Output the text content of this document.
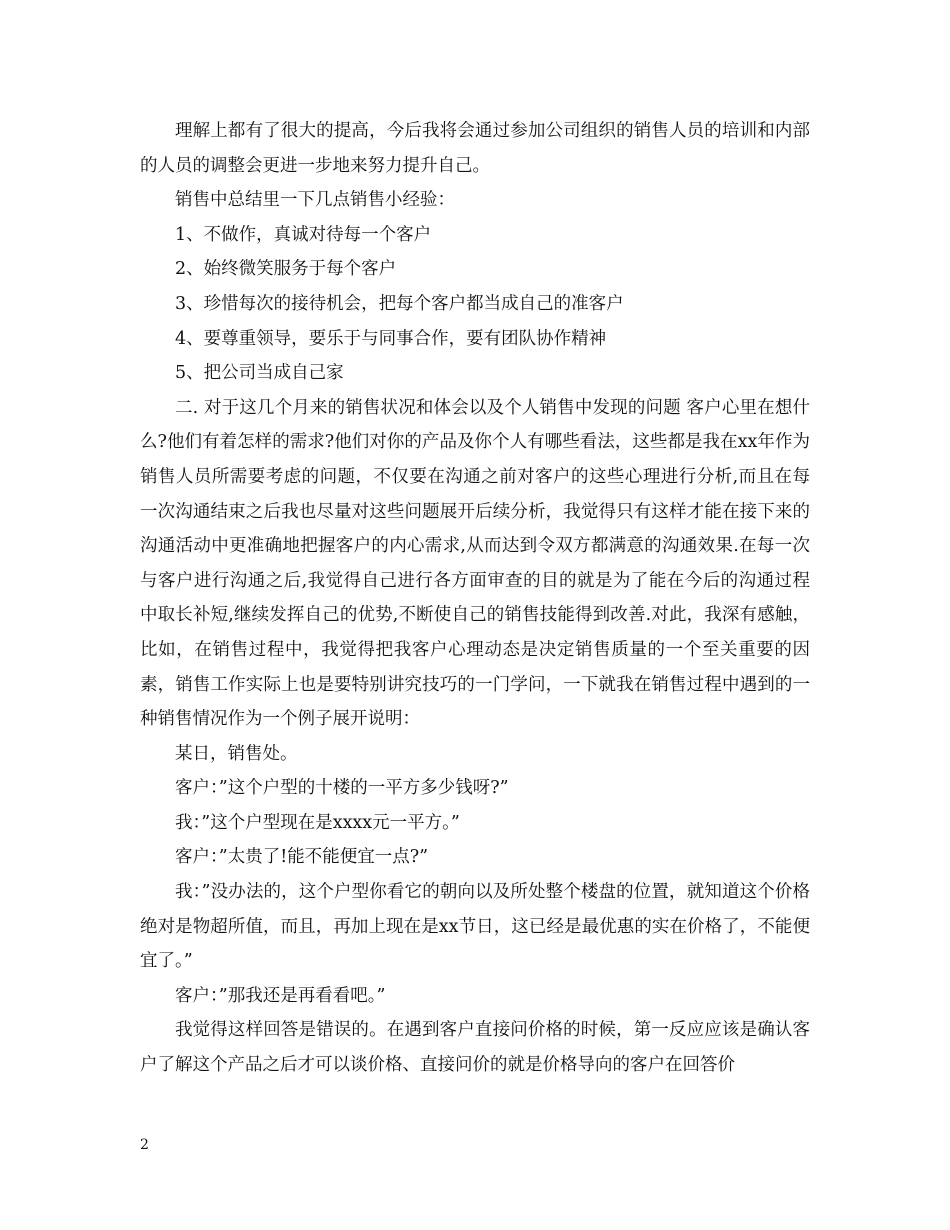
理解上都有了很大的提高，今后我将会通过参加公司组织的销售人员的培训和内部的人员的调整会更进一步地来努力提升自己。

销售中总结里一下几点销售小经验：

1、不做作，真诚对待每一个客户

2、始终微笑服务于每个客户

3、珍惜每次的接待机会，把每个客户都当成自己的准客户

4、要尊重领导，要乐于与同事合作，要有团队协作精神

5、把公司当成自己家

二. 对于这几个月来的销售状况和体会以及个人销售中发现的问题 客户心里在想什么?他们有着怎样的需求?他们对你的产品及你个人有哪些看法，这些都是我在xx年作为销售人员所需要考虑的问题，不仅要在沟通之前对客户的这些心理进行分析,而且在每一次沟通结束之后我也尽量对这些问题展开后续分析，我觉得只有这样才能在接下来的沟通活动中更准确地把握客户的内心需求,从而达到令双方都满意的沟通效果.在每一次与客户进行沟通之后,我觉得自己进行各方面审查的目的就是为了能在今后的沟通过程中取长补短,继续发挥自己的优势,不断使自己的销售技能得到改善.对此，我深有感触，比如，在销售过程中，我觉得把我客户心理动态是决定销售质量的一个至关重要的因素，销售工作实际上也是要特别讲究技巧的一门学问，一下就我在销售过程中遇到的一种销售情况作为一个例子展开说明：

某日，销售处。

客户：”这个户型的十楼的一平方多少钱呀?”

我：”这个户型现在是xxxx元一平方。”

客户：”太贵了!能不能便宜一点?”

我：”没办法的，这个户型你看它的朝向以及所处整个楼盘的位置，就知道这个价格绝对是物超所值，而且，再加上现在是xx节日，这已经是最优惠的实在价格了，不能便宜了。”

客户：”那我还是再看看吧。”

我觉得这样回答是错误的。在遇到客户直接问价格的时候，第一反应应该是确认客户了解这个产品之后才可以谈价格、直接问价的就是价格导向的客户在回答价

2
